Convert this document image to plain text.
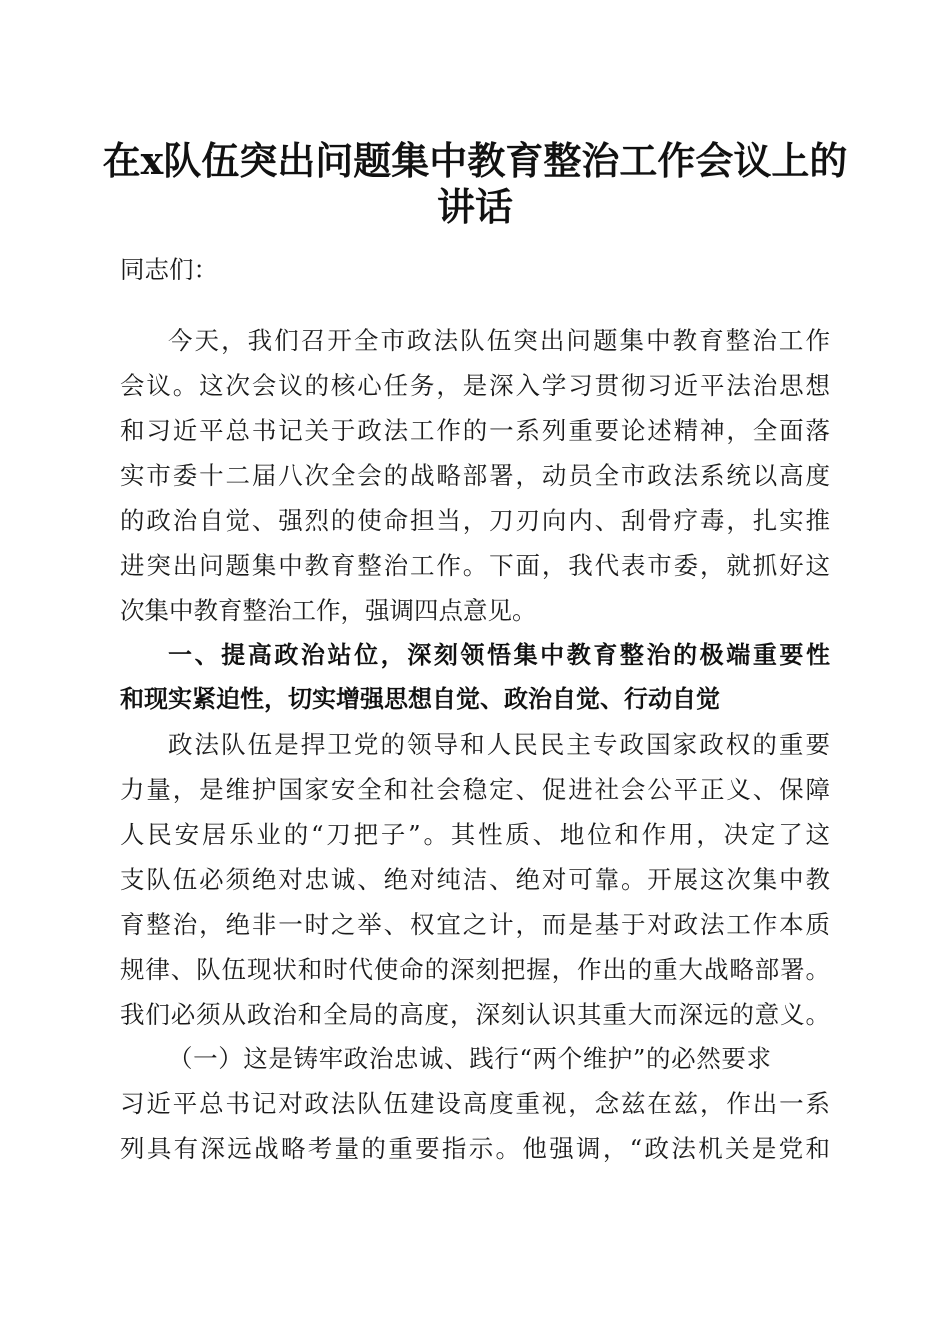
在x队伍突出问题集中教育整治工作会议上的
讲话

同志们：

今天，我们召开全市政法队伍突出问题集中教育整治工作

会议。这次会议的核心任务，是深入学习贯彻习近平法治思想

和习近平总书记关于政法工作的一系列重要论述精神，全面落

实市委十二届八次全会的战略部署，动员全市政法系统以高度

的政治自觉、强烈的使命担当，刀刃向内、刮骨疗毒，扎实推

进突出问题集中教育整治工作。下面，我代表市委，就抓好这

次集中教育整治工作，强调四点意见。

一、提高政治站位，深刻领悟集中教育整治的极端重要性

和现实紧迫性，切实增强思想自觉、政治自觉、行动自觉

政法队伍是捍卫党的领导和人民民主专政国家政权的重要

力量，是维护国家安全和社会稳定、促进社会公平正义、保障

人民安居乐业的“刀把子”。其性质、地位和作用，决定了这

支队伍必须绝对忠诚、绝对纯洁、绝对可靠。开展这次集中教

育整治，绝非一时之举、权宜之计，而是基于对政法工作本质

规律、队伍现状和时代使命的深刻把握，作出的重大战略部署。

我们必须从政治和全局的高度，深刻认识其重大而深远的意义。

（一）这是铸牢政治忠诚、践行“两个维护”的必然要求

习近平总书记对政法队伍建设高度重视，念兹在兹，作出一系

列具有深远战略考量的重要指示。他强调，“政法机关是党和
